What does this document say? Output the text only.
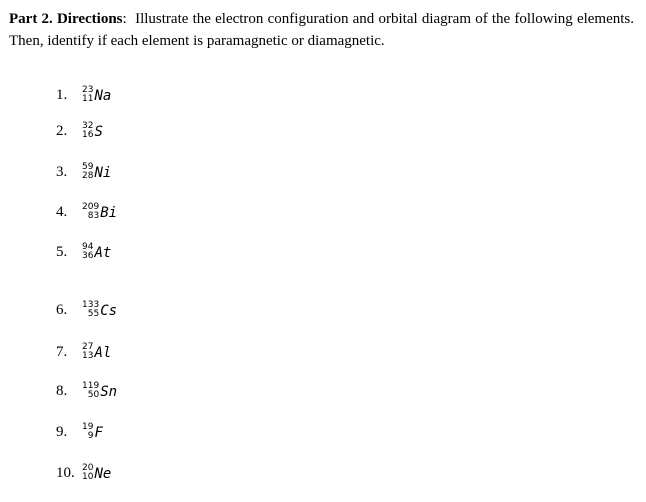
Part 2. Directions: Illustrate the electron configuration and orbital diagram of the following elements. Then, identify if each element is paramagnetic or diamagnetic.
1.	23
11 Na
2.	32
16 S
3.	59
28 Ni
4.	209
83 Bi
5.	94
36 At
6.	133
55 Cs
7.	27
13 Al
8.	119
50 Sn
9.	19
9 F
10. 20
10 Ne
